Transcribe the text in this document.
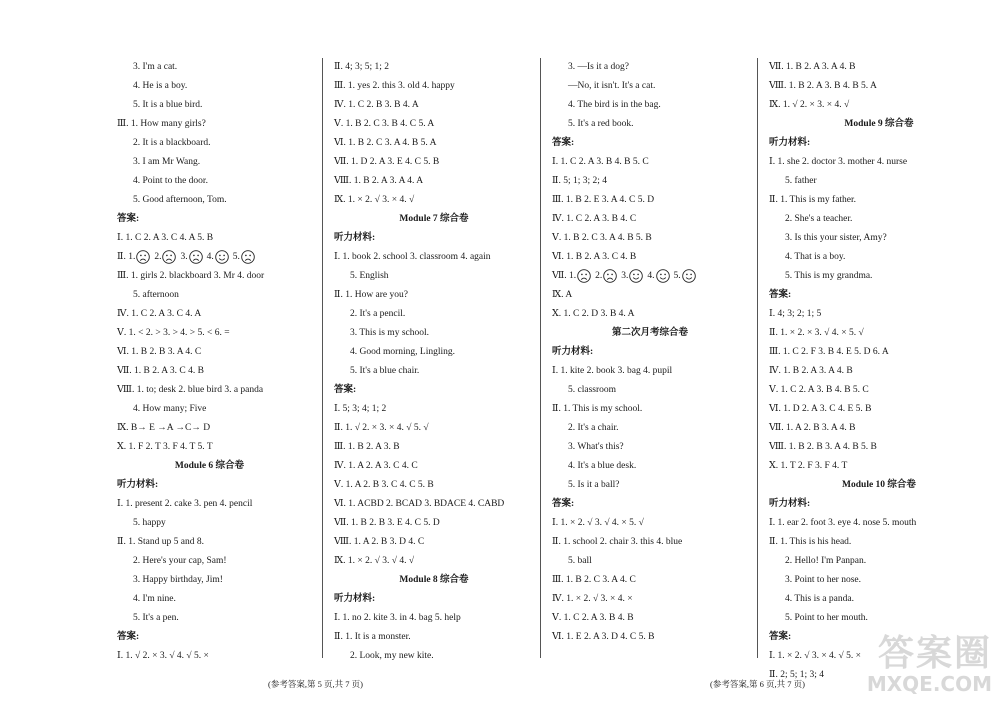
3. I'm a cat.
4. He is a boy.
5. It is a blue bird.
Ⅲ. 1. How many girls?
2. It is a blackboard.
3. I am Mr Wang.
4. Point to the door.
5. Good afternoon, Tom.
答案:
Ⅰ. 1. C 2. A 3. C 4. A 5. B
Ⅱ. 1. 2. 3. 4. 5.
Ⅲ. 1. girls 2. blackboard 3. Mr 4. door
5. afternoon
Ⅳ. 1. C 2. A 3. C 4. A
Ⅴ. 1. < 2. > 3. > 4. > 5. < 6. =
Ⅵ. 1. B 2. B 3. A 4. C
Ⅶ. 1. B 2. A 3. C 4. B
Ⅷ. 1. to; desk 2. blue bird 3. a panda
4. How many; Five
Ⅸ. B→ E →A →C→ D
Ⅹ. 1. F 2. T 3. F 4. T 5. T
Module 6 综合卷
听力材料:
Ⅰ. 1. present 2. cake 3. pen 4. pencil
5. happy
Ⅱ. 1. Stand up 5 and 8.
2. Here's your cap, Sam!
3. Happy birthday, Jim!
4. I'm nine.
5. It's a pen.
答案:
Ⅰ. 1. √ 2. × 3. √ 4. √ 5. ×
Ⅱ. 4; 3; 5; 1; 2
Ⅲ. 1. yes 2. this 3. old 4. happy
Ⅳ. 1. C 2. B 3. B 4. A
Ⅴ. 1. B 2. C 3. B 4. C 5. A
Ⅵ. 1. B 2. C 3. A 4. B 5. A
Ⅶ. 1. D 2. A 3. E 4. C 5. B
Ⅷ. 1. B 2. A 3. A 4. A
Ⅸ. 1. × 2. √ 3. × 4. √
Module 7 综合卷
听力材料:
Ⅰ. 1. book 2. school 3. classroom 4. again
5. English
Ⅱ. 1. How are you?
2. It's a pencil.
3. This is my school.
4. Good morning, Lingling.
5. It's a blue chair.
答案:
Ⅰ. 5; 3; 4; 1; 2
Ⅱ. 1. √ 2. × 3. × 4. √ 5. √
Ⅲ. 1. B 2. A 3. B
Ⅳ. 1. A 2. A 3. C 4. C
Ⅴ. 1. A 2. B 3. C 4. C 5. B
Ⅵ. 1. ACBD 2. BCAD 3. BDACE 4. CABD
Ⅶ. 1. B 2. B 3. E 4. C 5. D
Ⅷ. 1. A 2. B 3. D 4. C
Ⅸ. 1. × 2. √ 3. √ 4. √
Module 8 综合卷
听力材料:
Ⅰ. 1. no 2. kite 3. in 4. bag 5. help
Ⅱ. 1. It is a monster.
2. Look, my new kite.
3. —Is it a dog?
—No, it isn't. It's a cat.
4. The bird is in the bag.
5. It's a red book.
答案:
Ⅰ. 1. C 2. A 3. B 4. B 5. C
Ⅱ. 5; 1; 3; 2; 4
Ⅲ. 1. B 2. E 3. A 4. C 5. D
Ⅳ. 1. C 2. A 3. B 4. C
Ⅴ. 1. B 2. C 3. A 4. B 5. B
Ⅵ. 1. B 2. A 3. C 4. B
Ⅶ. 1. 2. 3. 4. 5.
Ⅸ. A
Ⅹ. 1. C 2. D 3. B 4. A
第二次月考综合卷
听力材料:
Ⅰ. 1. kite 2. book 3. bag 4. pupil
5. classroom
Ⅱ. 1. This is my school.
2. It's a chair.
3. What's this?
4. It's a blue desk.
5. Is it a ball?
答案:
Ⅰ. 1. × 2. √ 3. √ 4. × 5. √
Ⅱ. 1. school 2. chair 3. this 4. blue
5. ball
Ⅲ. 1. B 2. C 3. A 4. C
Ⅳ. 1. × 2. √ 3. × 4. ×
Ⅴ. 1. C 2. A 3. B 4. B
Ⅵ. 1. E 2. A 3. D 4. C 5. B
Ⅶ. 1. B 2. A 3. A 4. B
Ⅷ. 1. B 2. A 3. B 4. B 5. A
Ⅸ. 1. √ 2. × 3. × 4. √
Module 9 综合卷
听力材料:
Ⅰ. 1. she 2. doctor 3. mother 4. nurse
5. father
Ⅱ. 1. This is my father.
2. She's a teacher.
3. Is this your sister, Amy?
4. That is a boy.
5. This is my grandma.
答案:
Ⅰ. 4; 3; 2; 1; 5
Ⅱ. 1. × 2. × 3. √ 4. × 5. √
Ⅲ. 1. C 2. F 3. B 4. E 5. D 6. A
Ⅳ. 1. B 2. A 3. A 4. B
Ⅴ. 1. C 2. A 3. B 4. B 5. C
Ⅵ. 1. D 2. A 3. C 4. E 5. B
Ⅶ. 1. A 2. B 3. A 4. B
Ⅷ. 1. B 2. B 3. A 4. B 5. B
Ⅹ. 1. T 2. F 3. F 4. T
Module 10 综合卷
听力材料:
Ⅰ. 1. ear 2. foot 3. eye 4. nose 5. mouth
Ⅱ. 1. This is his head.
2. Hello! I'm Panpan.
3. Point to her nose.
4. This is a panda.
5. Point to her mouth.
答案:
Ⅰ. 1. × 2. √ 3. × 4. √ 5. ×
Ⅱ. 2; 5; 1; 3; 4
(参考答案,第 5 页,共 7 页)	(参考答案,第 6 页,共 7 页)
答案圈
MXQE.COM
